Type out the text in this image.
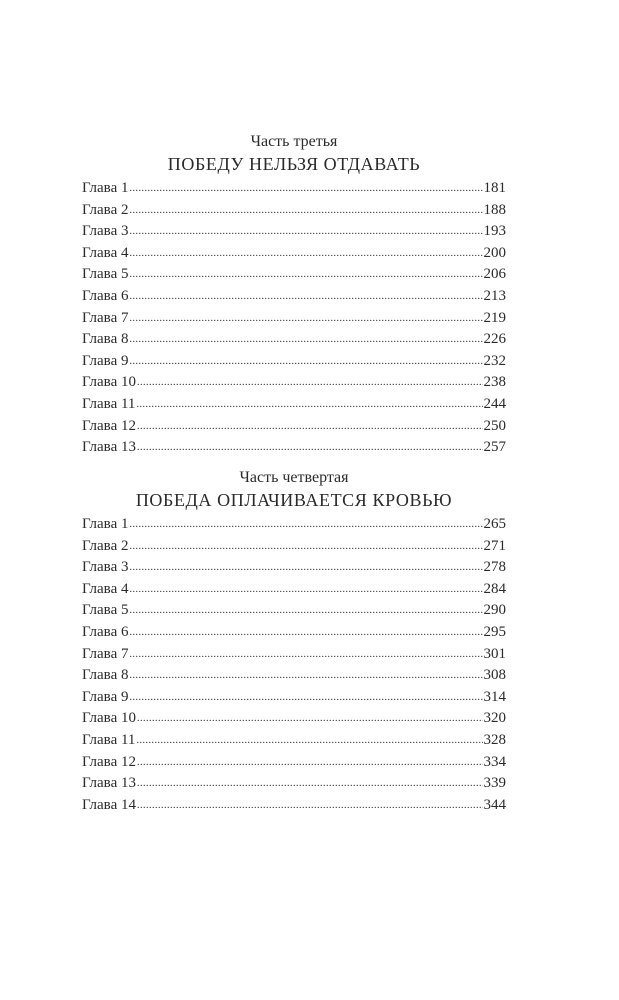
Часть третья
ПОБЕДУ НЕЛЬЗЯ ОТДАВАТЬ
Глава 1 .....	181
Глава 2 .....	188
Глава 3 .....	193
Глава 4 .....	200
Глава 5 .....	206
Глава 6 .....	213
Глава 7 .....	219
Глава 8 .....	226
Глава 9 .....	232
Глава 10 .....	238
Глава 11 .....	244
Глава 12 .....	250
Глава 13 .....	257
Часть четвертая
ПОБЕДА ОПЛАЧИВАЕТСЯ КРОВЬЮ
Глава 1 .....	265
Глава 2 .....	271
Глава 3 .....	278
Глава 4 .....	284
Глава 5 .....	290
Глава 6 .....	295
Глава 7 .....	301
Глава 8 .....	308
Глава 9 .....	314
Глава 10 .....	320
Глава 11 .....	328
Глава 12 .....	334
Глава 13 .....	339
Глава 14 .....	344
